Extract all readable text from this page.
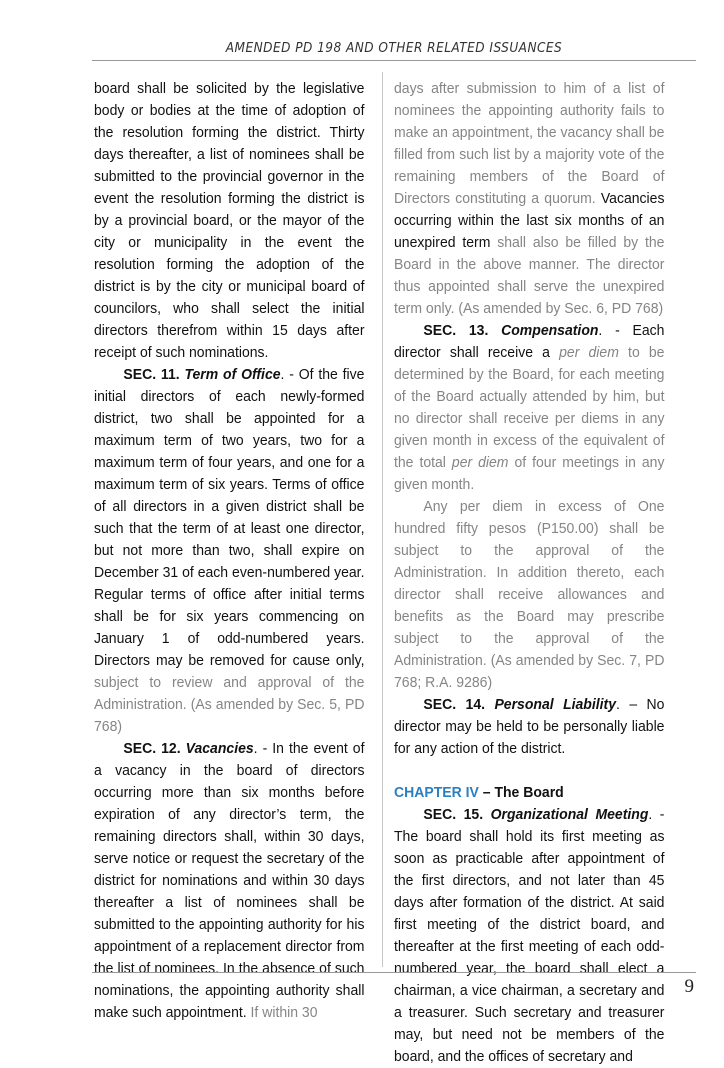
AMENDED PD 198 AND OTHER RELATED ISSUANCES

board shall be solicited by the legislative body or bodies at the time of adoption of the resolution forming the district. Thirty days thereafter, a list of nominees shall be submitted to the provincial governor in the event the resolution forming the district is by a provincial board, or the mayor of the city or municipality in the event the resolution forming the adoption of the district is by the city or municipal board of councilors, who shall select the initial directors therefrom within 15 days after receipt of such nominations.

SEC. 11. Term of Office. - Of the five initial directors of each newly-formed district, two shall be appointed for a maximum term of two years, two for a maximum term of four years, and one for a maximum term of six years. Terms of office of all directors in a given district shall be such that the term of at least one director, but not more than two, shall expire on December 31 of each even-numbered year. Regular terms of office after initial terms shall be for six years commencing on January 1 of odd-numbered years. Directors may be removed for cause only, subject to review and approval of the Administration. (As amended by Sec. 5, PD 768)

SEC. 12. Vacancies. - In the event of a vacancy in the board of directors occurring more than six months before expiration of any director’s term, the remaining directors shall, within 30 days, serve notice or request the secretary of the district for nominations and within 30 days thereafter a list of nominees shall be submitted to the appointing authority for his appointment of a replacement director from the list of nominees. In the absence of such nominations, the appointing authority shall make such appointment. If within 30

days after submission to him of a list of nominees the appointing authority fails to make an appointment, the vacancy shall be filled from such list by a majority vote of the remaining members of the Board of Directors constituting a quorum. Vacancies occurring within the last six months of an unexpired term shall also be filled by the Board in the above manner. The director thus appointed shall serve the unexpired term only. (As amended by Sec. 6, PD 768)

SEC. 13. Compensation. - Each director shall receive a per diem to be determined by the Board, for each meeting of the Board actually attended by him, but no director shall receive per diems in any given month in excess of the equivalent of the total per diem of four meetings in any given month.

Any per diem in excess of One hundred fifty pesos (P150.00) shall be subject to the approval of the Administration. In addition thereto, each director shall receive allowances and benefits as the Board may prescribe subject to the approval of the Administration. (As amended by Sec. 7, PD 768; R.A. 9286)

SEC. 14. Personal Liability. – No director may be held to be personally liable for any action of the district.

CHAPTER IV – The Board

SEC. 15. Organizational Meeting. - The board shall hold its first meeting as soon as practicable after appointment of the first directors, and not later than 45 days after formation of the district. At said first meeting of the district board, and thereafter at the first meeting of each odd-numbered year, the board shall elect a chairman, a vice chairman, a secretary and a treasurer. Such secretary and treasurer may, but need not be members of the board, and the offices of secretary and

9
